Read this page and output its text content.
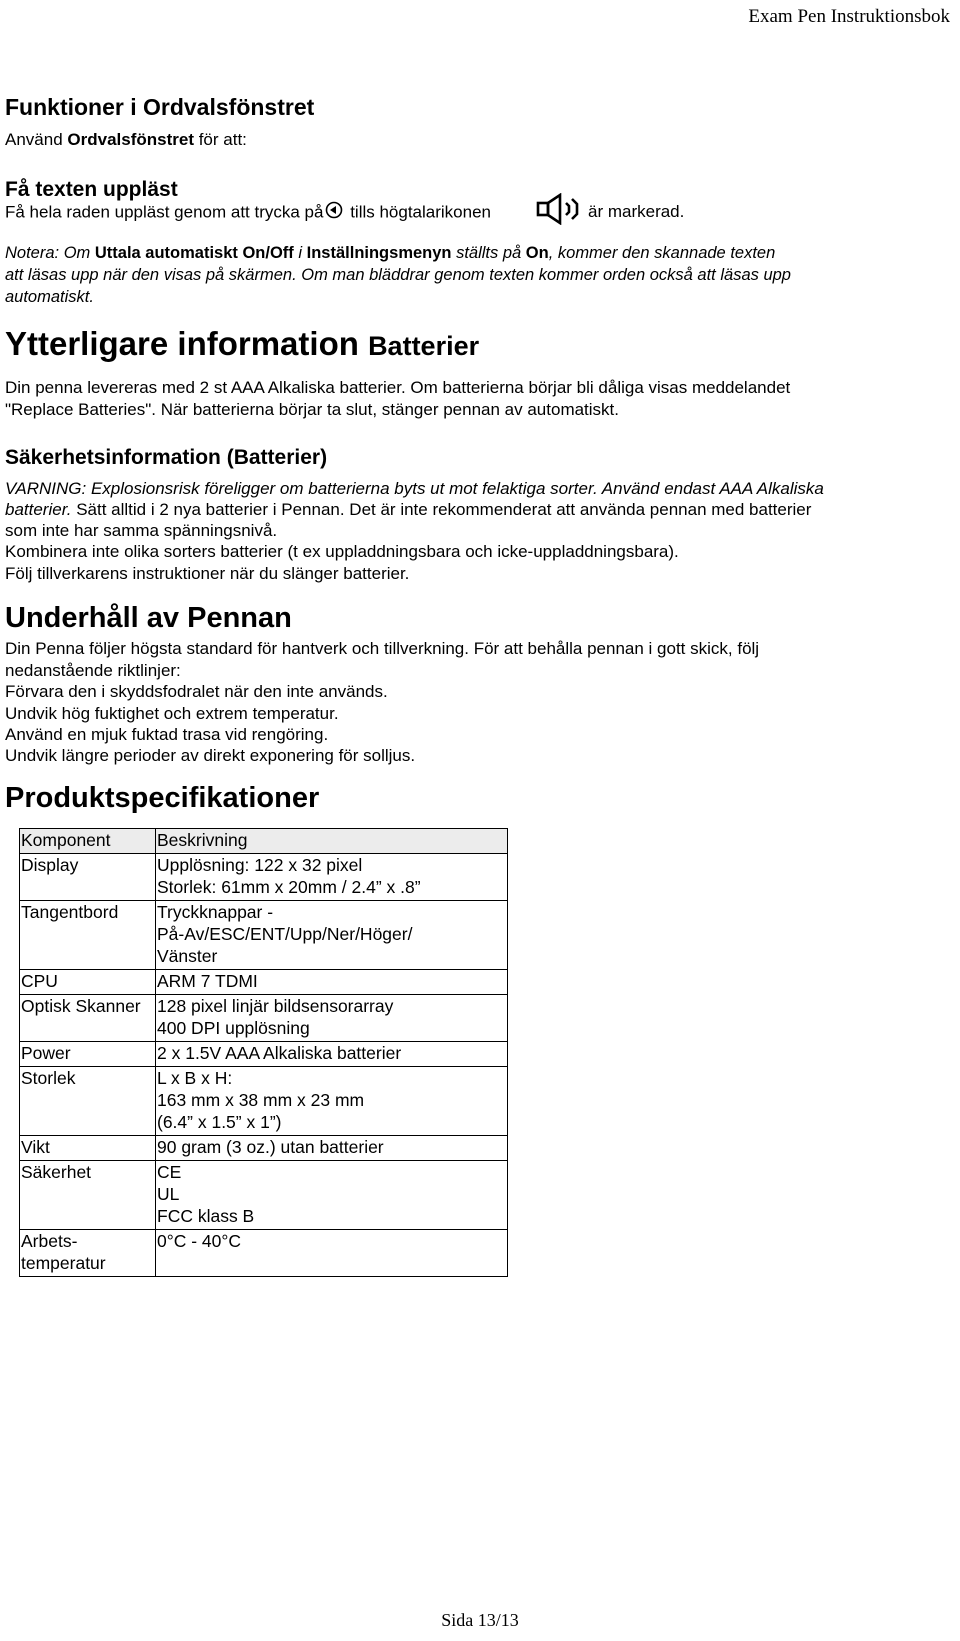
Exam Pen Instruktionsbok
Funktioner i Ordvalsfönstret
Använd Ordvalsfönstret för att:
Få texten uppläst
Få hela raden uppläst genom att trycka på tills högtalarikonen	är markerad.
Notera: Om Uttala automatiskt On/Off i Inställningsmenyn ställts på On, kommer den skannade texten
att läsas upp när den visas på skärmen. Om man bläddrar genom texten kommer orden också att läsas upp
automatiskt.
Ytterligare information Batterier
Din penna levereras med 2 st AAA Alkaliska batterier. Om batterierna börjar bli dåliga visas meddelandet
"Replace Batteries". När batterierna börjar ta slut, stänger pennan av automatiskt.
Säkerhetsinformation (Batterier)
VARNING: Explosionsrisk föreligger om batterierna byts ut mot felaktiga sorter. Använd endast AAA Alkaliska
batterier. Sätt alltid i 2 nya batterier i Pennan. Det är inte rekommenderat att använda pennan med batterier
som inte har samma spänningsnivå.
Kombinera inte olika sorters batterier (t ex uppladdningsbara och icke-uppladdningsbara).
Följ tillverkarens instruktioner när du slänger batterier.
Underhåll av Pennan
Din Penna följer högsta standard för hantverk och tillverkning. För att behålla pennan i gott skick, följ
nedanstående riktlinjer:
Förvara den i skyddsfodralet när den inte används.
Undvik hög fuktighet och extrem temperatur.
Använd en mjuk fuktad trasa vid rengöring.
Undvik längre perioder av direkt exponering för solljus.
Produktspecifikationer
Komponent	Beskrivning
Display	Upplösning: 122 x 32 pixel
Storlek: 61mm x 20mm / 2.4” x .8”

Tangentbord	Tryckknappar -
På-Av/ESC/ENT/Upp/Ner/Höger/
Vänster

CPU	ARM 7 TDMI

Optisk Skanner	128 pixel linjär bildsensorarray
400 DPI upplösning

Power	2 x 1.5V AAA Alkaliska batterier

Storlek	L x B x H:
163 mm x 38 mm x 23 mm
(6.4” x 1.5” x 1”)

Vikt	90 gram (3 oz.) utan batterier

Säkerhet	CE
UL
FCC klass B

Arbets-
temperatur	0°C - 40°C
Sida 13/13
